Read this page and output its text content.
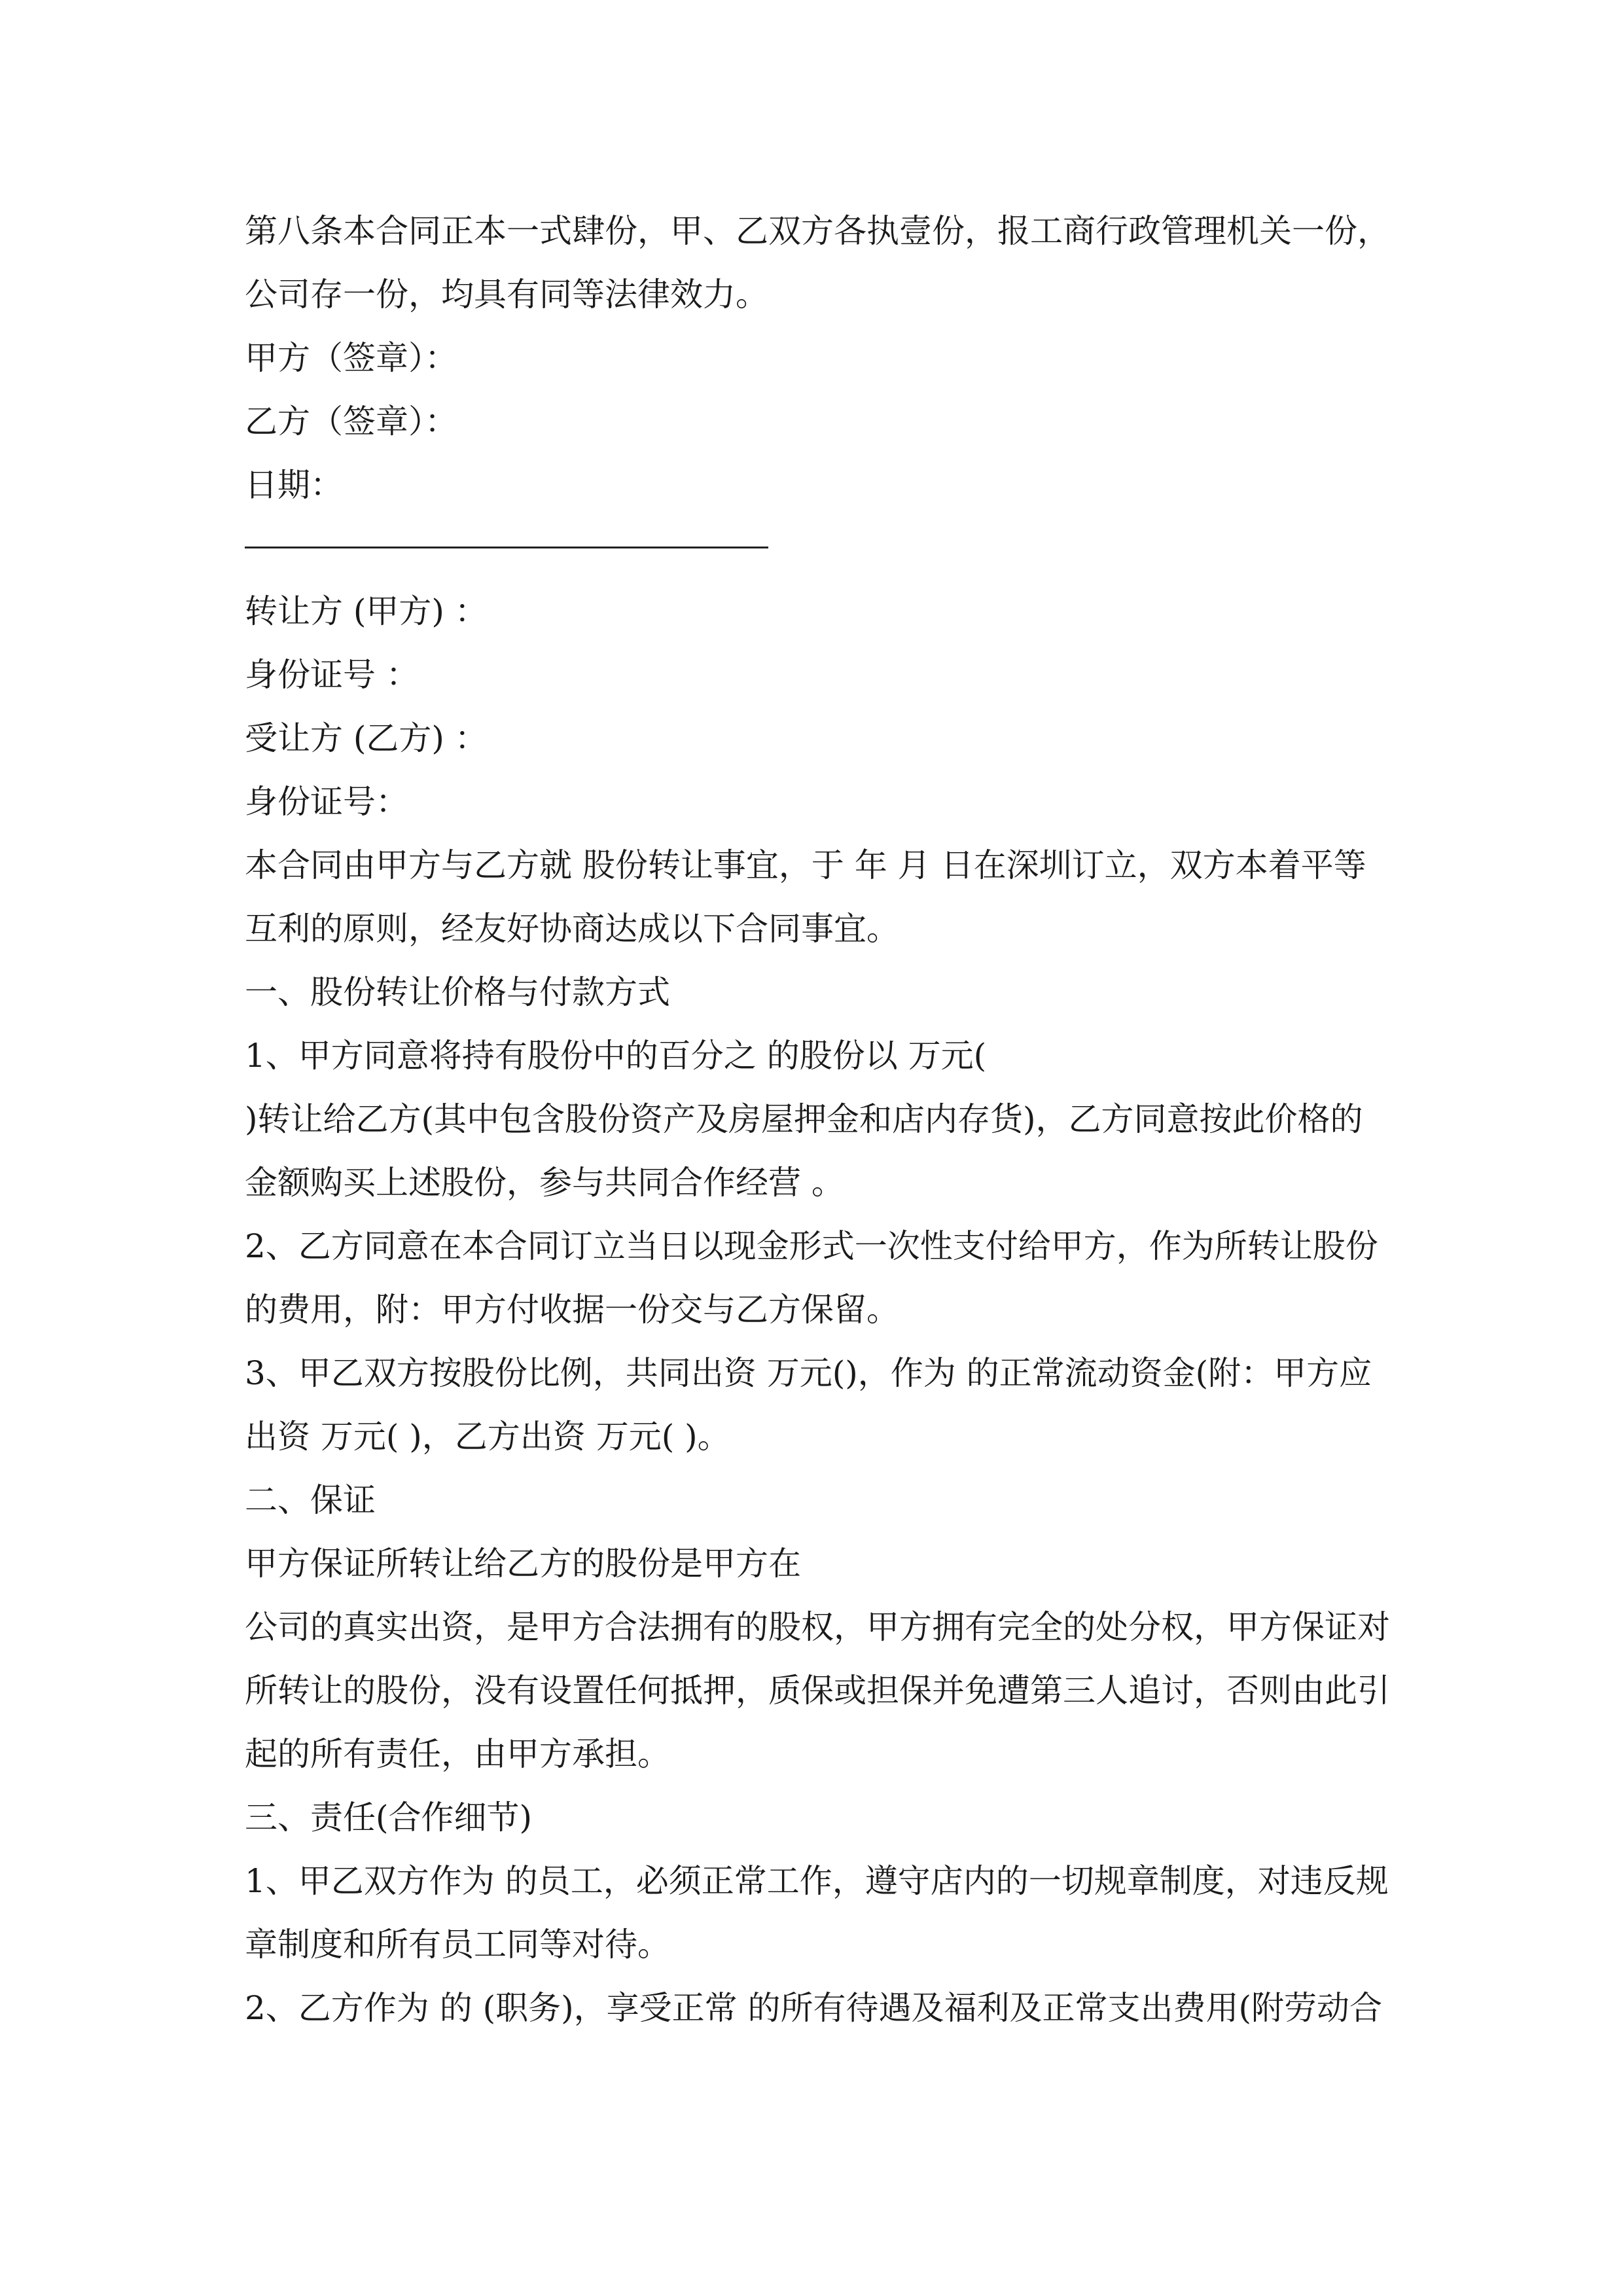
第八条本合同正本一式肆份，甲、乙双方各执壹份，报工商行政管理机关一份，
公司存一份，均具有同等法律效力。
甲方（签章）：
乙方（签章）：
日期：
转让方 (甲方) ：
身份证号 ：
受让方 (乙方) ：
身份证号：
本合同由甲方与乙方就 股份转让事宜，于 年 月 日在深圳订立，双方本着平等
互利的原则，经友好协商达成以下合同事宜。
一、股份转让价格与付款方式
1、甲方同意将持有股份中的百分之 的股份以 万元(
)转让给乙方(其中包含股份资产及房屋押金和店内存货)，乙方同意按此价格的
金额购买上述股份，参与共同合作经营 。
2、乙方同意在本合同订立当日以现金形式一次性支付给甲方，作为所转让股份
的费用，附：甲方付收据一份交与乙方保留。
3、甲乙双方按股份比例，共同出资 万元()，作为 的正常流动资金(附：甲方应
出资 万元( )，乙方出资 万元( )。
二、保证
甲方保证所转让给乙方的股份是甲方在
公司的真实出资，是甲方合法拥有的股权，甲方拥有完全的处分权，甲方保证对
所转让的股份，没有设置任何抵押，质保或担保并免遭第三人追讨，否则由此引
起的所有责任，由甲方承担。
三、责任(合作细节)
1、甲乙双方作为 的员工，必须正常工作，遵守店内的一切规章制度，对违反规
章制度和所有员工同等对待。
2、乙方作为 的 (职务)，享受正常 的所有待遇及福利及正常支出费用(附劳动合
